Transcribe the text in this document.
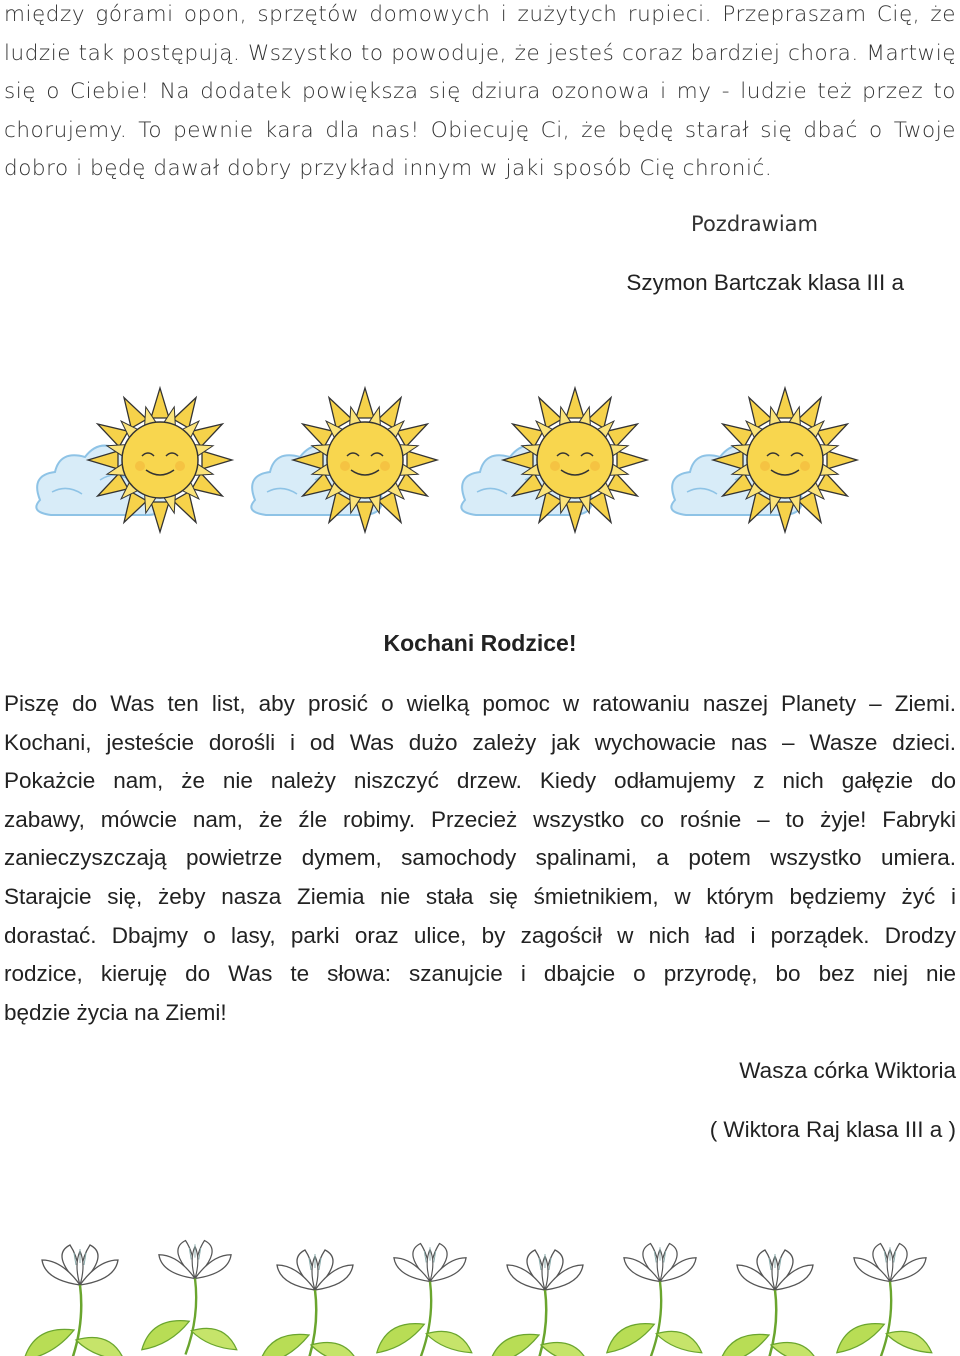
między górami opon, sprzętów domowych i zużytych rupieci. Przepraszam Cię, że
ludzie tak postępują. Wszystko to powoduje, że jesteś coraz bardziej chora. Martwię
się o Ciebie! Na dodatek powiększa się dziura ozonowa i my - ludzie też przez to
chorujemy. To pewnie kara dla nas! Obiecuję Ci, że będę starał się dbać o Twoje
dobro i będę dawał dobry przykład innym w jaki sposób Cię chronić.
Pozdrawiam
Szymon Bartczak klasa III a
Kochani Rodzice!
Piszę do Was ten list, aby prosić o wielką pomoc w ratowaniu naszej Planety – Ziemi.
Kochani, jesteście dorośli i od Was dużo zależy jak wychowacie nas – Wasze dzieci.
Pokażcie nam, że nie należy niszczyć drzew. Kiedy odłamujemy z nich gałęzie do
zabawy, mówcie nam, że źle robimy. Przecież wszystko co rośnie – to żyje! Fabryki
zanieczyszczają powietrze dymem, samochody spalinami, a potem wszystko umiera.
Starajcie się, żeby nasza Ziemia nie stała się śmietnikiem, w którym będziemy żyć i
dorastać. Dbajmy o lasy, parki oraz ulice, by zagościł w nich ład i porządek. Drodzy
rodzice, kieruję do Was te słowa: szanujcie i dbajcie o przyrodę, bo bez niej nie
będzie życia na Ziemi!
Wasza córka Wiktoria
( Wiktora Raj klasa III a )
